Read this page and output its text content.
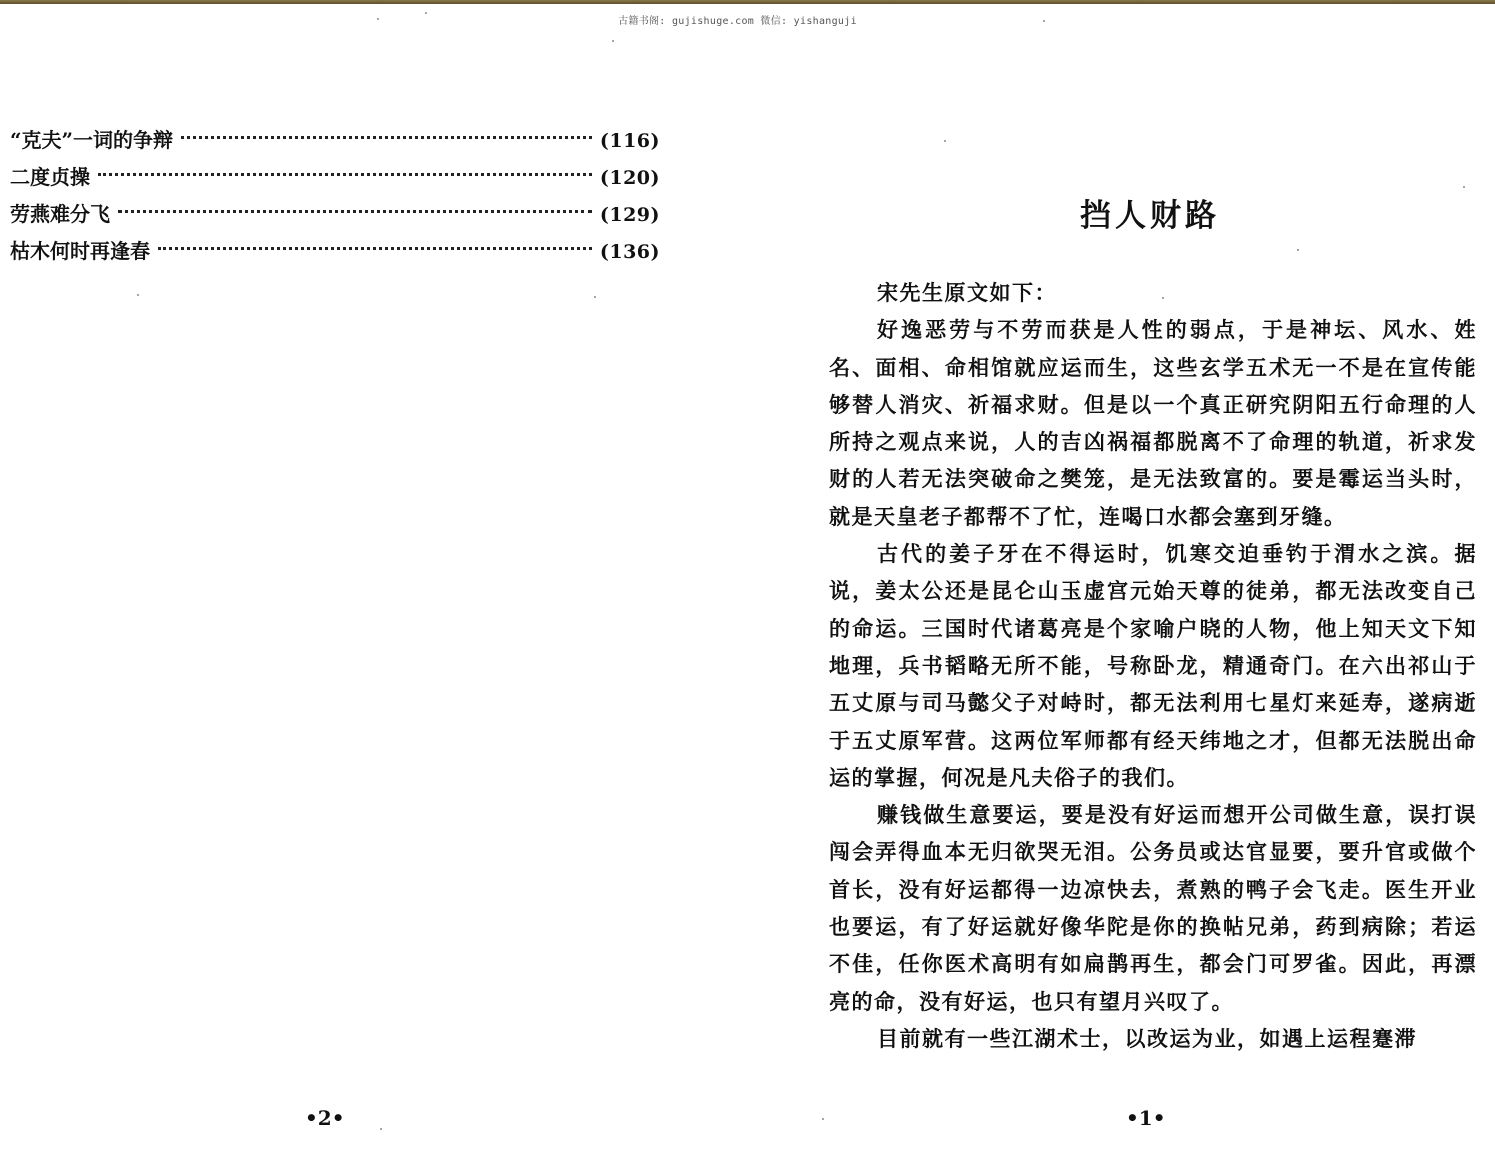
古籍书阁: gujishuge.com 微信: yishanguji
“克夫”一词的争辩	(116)
二度贞操	(120)
劳燕难分飞	(129)
枯木何时再逢春	(136)
•2•
挡人财路

宋先生原文如下：

好逸恶劳与不劳而获是人性的弱点，于是神坛、风水、姓名、面相、命相馆就应运而生，这些玄学五术无一不是在宣传能够替人消灾、祈福求财。但是以一个真正研究阴阳五行命理的人所持之观点来说，人的吉凶祸福都脱离不了命理的轨道，祈求发财的人若无法突破命之樊笼，是无法致富的。要是霉运当头时，就是天皇老子都帮不了忙，连喝口水都会塞到牙缝。

古代的姜子牙在不得运时，饥寒交迫垂钓于渭水之滨。据说，姜太公还是昆仑山玉虚宫元始天尊的徒弟，都无法改变自己的命运。三国时代诸葛亮是个家喻户晓的人物，他上知天文下知地理，兵书韬略无所不能，号称卧龙，精通奇门。在六出祁山于五丈原与司马懿父子对峙时，都无法利用七星灯来延寿，遂病逝于五丈原军营。这两位军师都有经天纬地之才，但都无法脱出命运的掌握，何况是凡夫俗子的我们。

赚钱做生意要运，要是没有好运而想开公司做生意，误打误闯会弄得血本无归欲哭无泪。公务员或达官显要，要升官或做个首长，没有好运都得一边凉快去，煮熟的鸭子会飞走。医生开业也要运，有了好运就好像华陀是你的换帖兄弟，药到病除；若运不佳，任你医术高明有如扁鹊再生，都会门可罗雀。因此，再漂亮的命，没有好运，也只有望月兴叹了。

目前就有一些江湖术士，以改运为业，如遇上运程蹇滞

•1•
